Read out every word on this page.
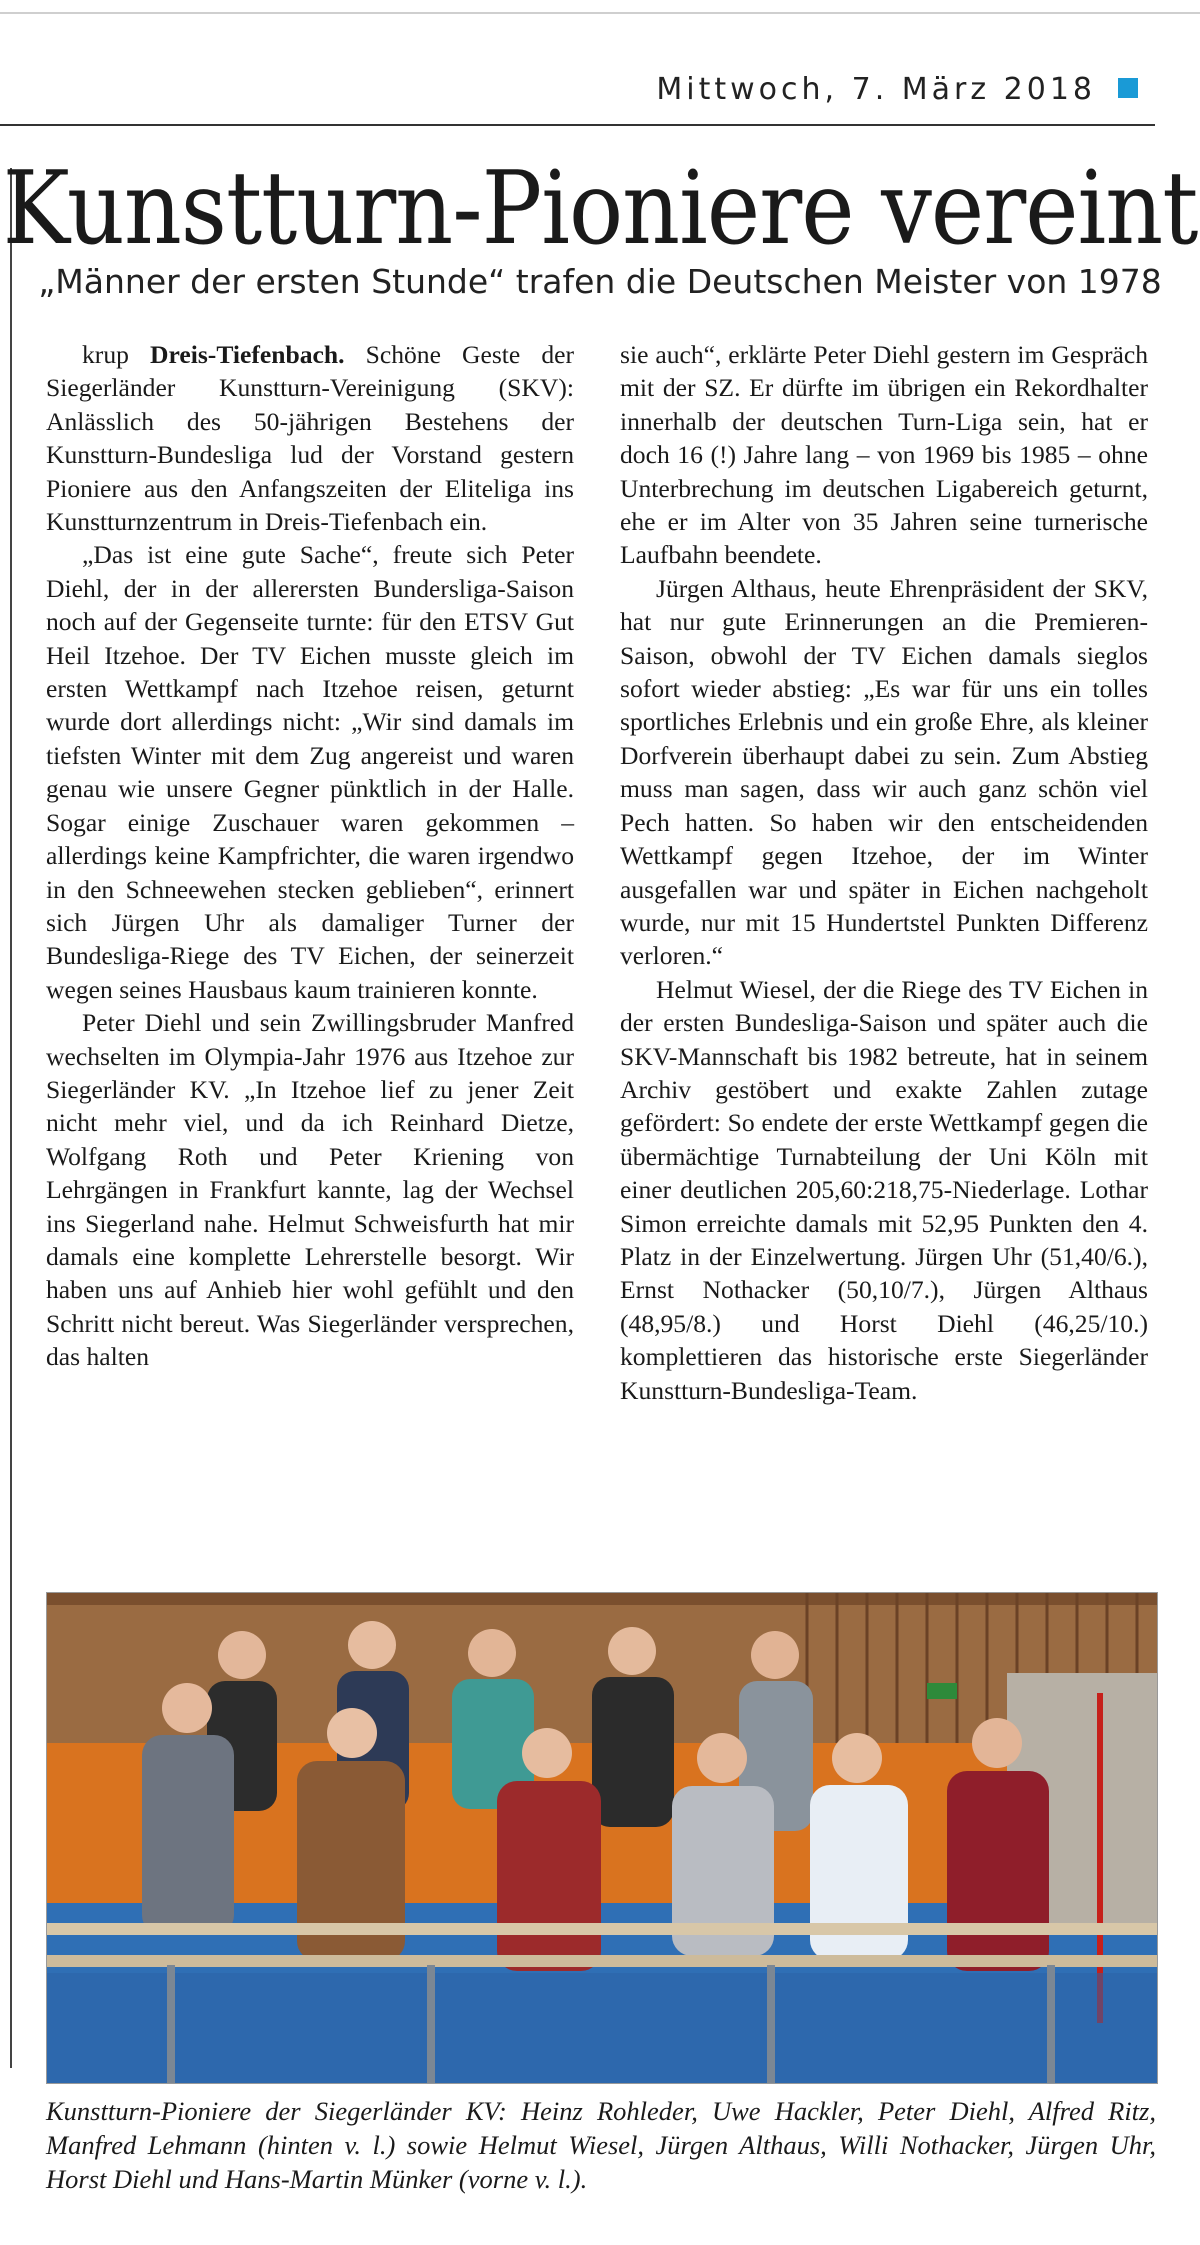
Mittwoch, 7. März 2018
Kunstturn-Pioniere vereint
„Männer der ersten Stunde“ trafen die Deutschen Meister von 1978

krup Dreis-Tiefenbach. Schöne Geste der Siegerländer Kunstturn-Vereinigung (SKV): Anlässlich des 50-jährigen Bestehens der Kunstturn-Bundesliga lud der Vorstand gestern Pioniere aus den Anfangszeiten der Eliteliga ins Kunstturnzentrum in Dreis-Tiefenbach ein.

„Das ist eine gute Sache“, freute sich Peter Diehl, der in der allerersten Bundersliga-Saison noch auf der Gegenseite turnte: für den ETSV Gut Heil Itzehoe. Der TV Eichen musste gleich im ersten Wettkampf nach Itzehoe reisen, geturnt wurde dort allerdings nicht: „Wir sind damals im tiefsten Winter mit dem Zug angereist und waren genau wie unsere Gegner pünktlich in der Halle. Sogar einige Zuschauer waren gekommen – allerdings keine Kampfrichter, die waren irgendwo in den Schneewehen stecken geblieben“, erinnert sich Jürgen Uhr als damaliger Turner der Bundesliga-Riege des TV Eichen, der seinerzeit wegen seines Hausbaus kaum trainieren konnte.

Peter Diehl und sein Zwillingsbruder Manfred wechselten im Olympia-Jahr 1976 aus Itzehoe zur Siegerländer KV. „In Itzehoe lief zu jener Zeit nicht mehr viel, und da ich Reinhard Dietze, Wolfgang Roth und Peter Kriening von Lehrgängen in Frankfurt kannte, lag der Wechsel ins Siegerland nahe. Helmut Schweisfurth hat mir damals eine komplette Lehrerstelle besorgt. Wir haben uns auf Anhieb hier wohl gefühlt und den Schritt nicht bereut. Was Siegerländer versprechen, das halten

sie auch“, erklärte Peter Diehl gestern im Gespräch mit der SZ. Er dürfte im übrigen ein Rekordhalter innerhalb der deutschen Turn-Liga sein, hat er doch 16 (!) Jahre lang – von 1969 bis 1985 – ohne Unterbrechung im deutschen Ligabereich geturnt, ehe er im Alter von 35 Jahren seine turnerische Laufbahn beendete.

Jürgen Althaus, heute Ehrenpräsident der SKV, hat nur gute Erinnerungen an die Premieren-Saison, obwohl der TV Eichen damals sieglos sofort wieder abstieg: „Es war für uns ein tolles sportliches Erlebnis und ein große Ehre, als kleiner Dorfverein überhaupt dabei zu sein. Zum Abstieg muss man sagen, dass wir auch ganz schön viel Pech hatten. So haben wir den entscheidenden Wettkampf gegen Itzehoe, der im Winter ausgefallen war und später in Eichen nachgeholt wurde, nur mit 15 Hundertstel Punkten Differenz verloren.“

Helmut Wiesel, der die Riege des TV Eichen in der ersten Bundesliga-Saison und später auch die SKV-Mannschaft bis 1982 betreute, hat in seinem Archiv gestöbert und exakte Zahlen zutage gefördert: So endete der erste Wettkampf gegen die übermächtige Turnabteilung der Uni Köln mit einer deutlichen 205,60:218,75-Niederlage. Lothar Simon erreichte damals mit 52,95 Punkten den 4. Platz in der Einzelwertung. Jürgen Uhr (51,40/6.), Ernst Nothacker (50,10/7.), Jürgen Althaus (48,95/8.) und Horst Diehl (46,25/10.) komplettieren das historische erste Siegerländer Kunstturn-Bundesliga-Team.

Kunstturn-Pioniere der Siegerländer KV: Heinz Rohleder, Uwe Hackler, Peter Diehl, Alfred Ritz, Manfred Lehmann (hinten v. l.) sowie Helmut Wiesel, Jürgen Althaus, Willi Nothacker, Jürgen Uhr, Horst Diehl und Hans-Martin Münker (vorne v. l.).
